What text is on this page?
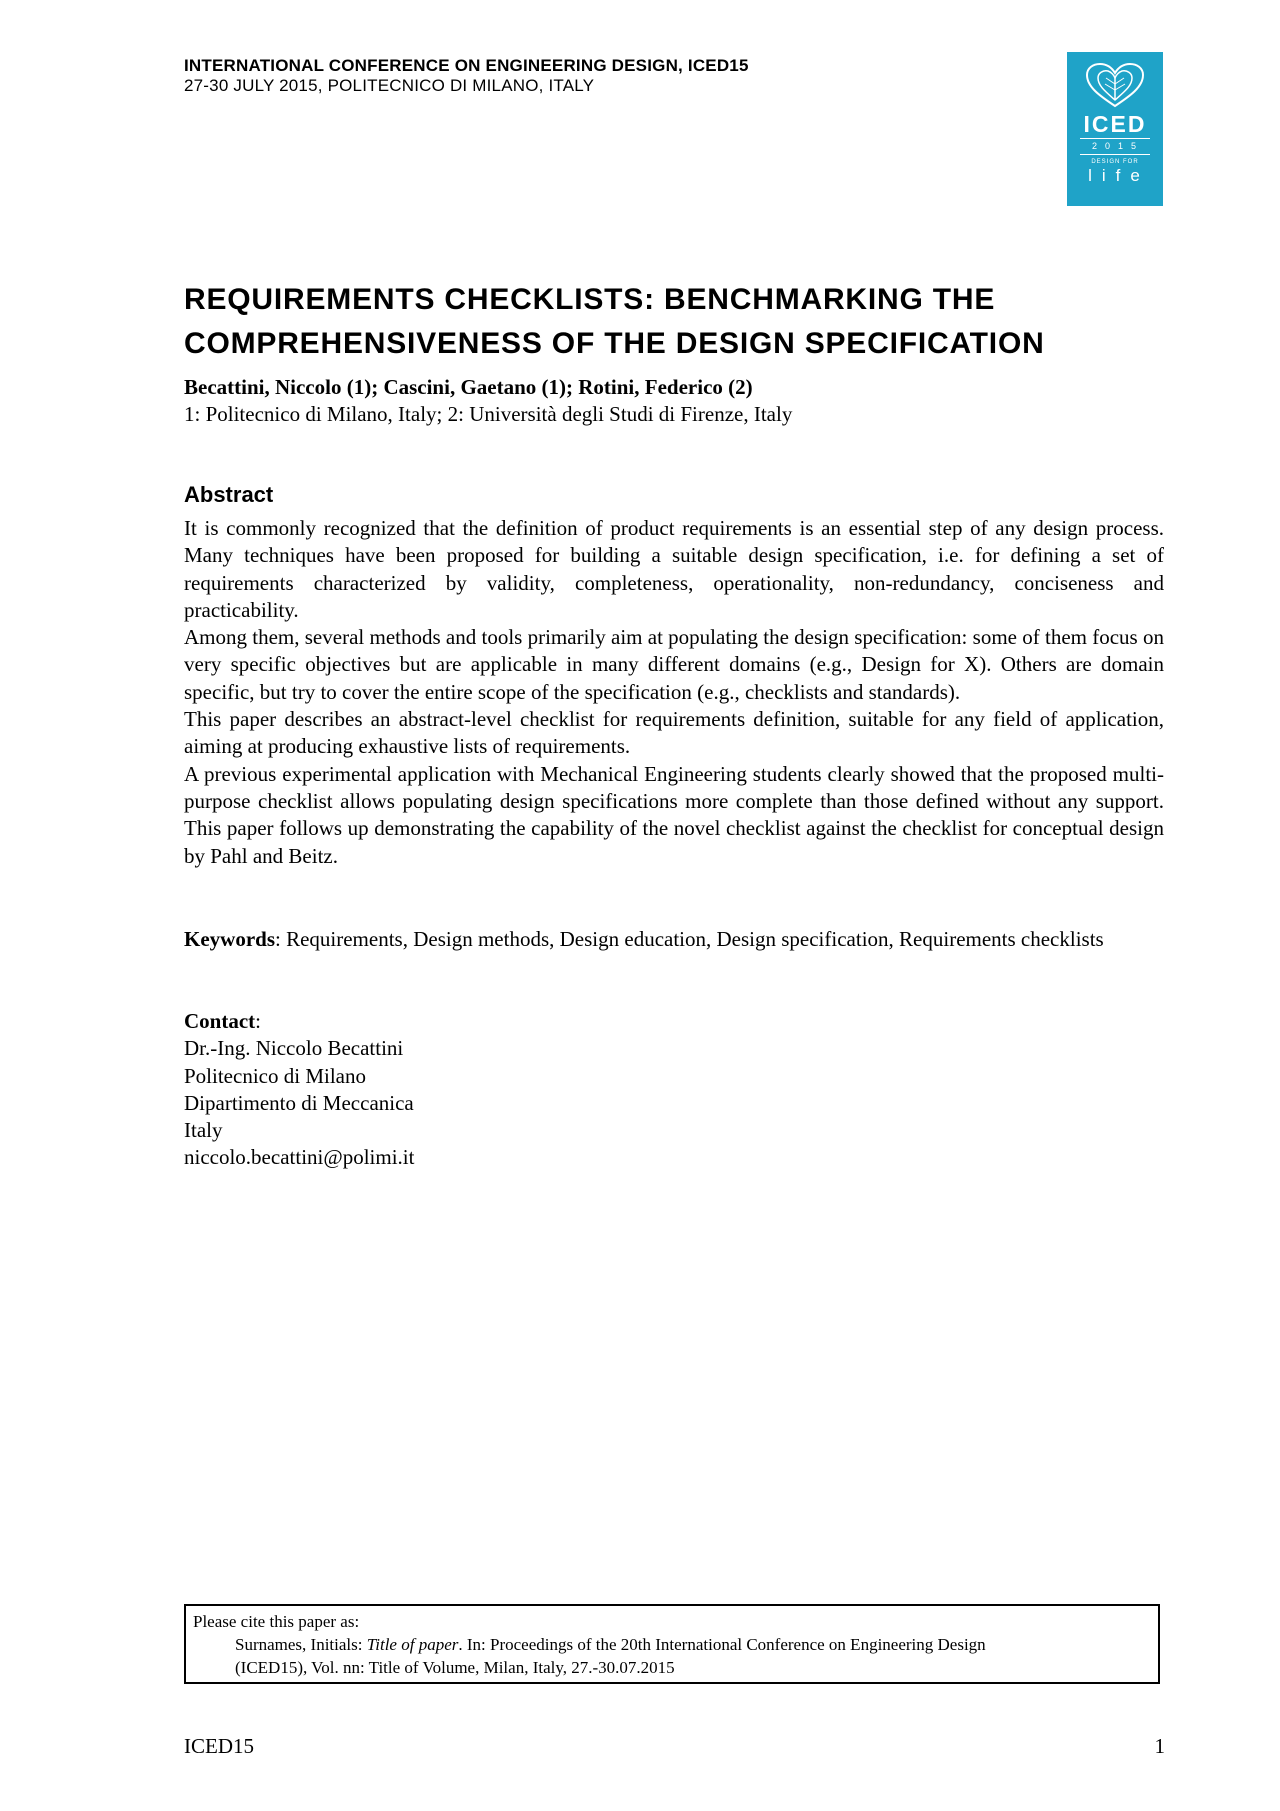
INTERNATIONAL CONFERENCE ON ENGINEERING DESIGN, ICED15
27-30 JULY 2015, POLITECNICO DI MILANO, ITALY
ICED
2015
DESIGN FOR
life
REQUIREMENTS CHECKLISTS: BENCHMARKING THE
COMPREHENSIVENESS OF THE DESIGN SPECIFICATION
Becattini, Niccolo (1); Cascini, Gaetano (1); Rotini, Federico (2)
1: Politecnico di Milano, Italy; 2: Università degli Studi di Firenze, Italy
Abstract

It is commonly recognized that the definition of product requirements is an essential step of any design process. Many techniques have been proposed for building a suitable design specification, i.e. for defining a set of requirements characterized by validity, completeness, operationality, non-redundancy, conciseness and practicability.

Among them, several methods and tools primarily aim at populating the design specification: some of them focus on very specific objectives but are applicable in many different domains (e.g., Design for X). Others are domain specific, but try to cover the entire scope of the specification (e.g., checklists and standards).

This paper describes an abstract-level checklist for requirements definition, suitable for any field of application, aiming at producing exhaustive lists of requirements.

A previous experimental application with Mechanical Engineering students clearly showed that the proposed multi-purpose checklist allows populating design specifications more complete than those defined without any support. This paper follows up demonstrating the capability of the novel checklist against the checklist for conceptual design by Pahl and Beitz.

Keywords: Requirements, Design methods, Design education, Design specification, Requirements checklists
Contact:
Dr.-Ing. Niccolo Becattini
Politecnico di Milano
Dipartimento di Meccanica
Italy
niccolo.becattini@polimi.it
Please cite this paper as:
Surnames, Initials: Title of paper. In: Proceedings of the 20th International Conference on Engineering Design
(ICED15), Vol. nn: Title of Volume, Milan, Italy, 27.-30.07.2015
ICED15	1
